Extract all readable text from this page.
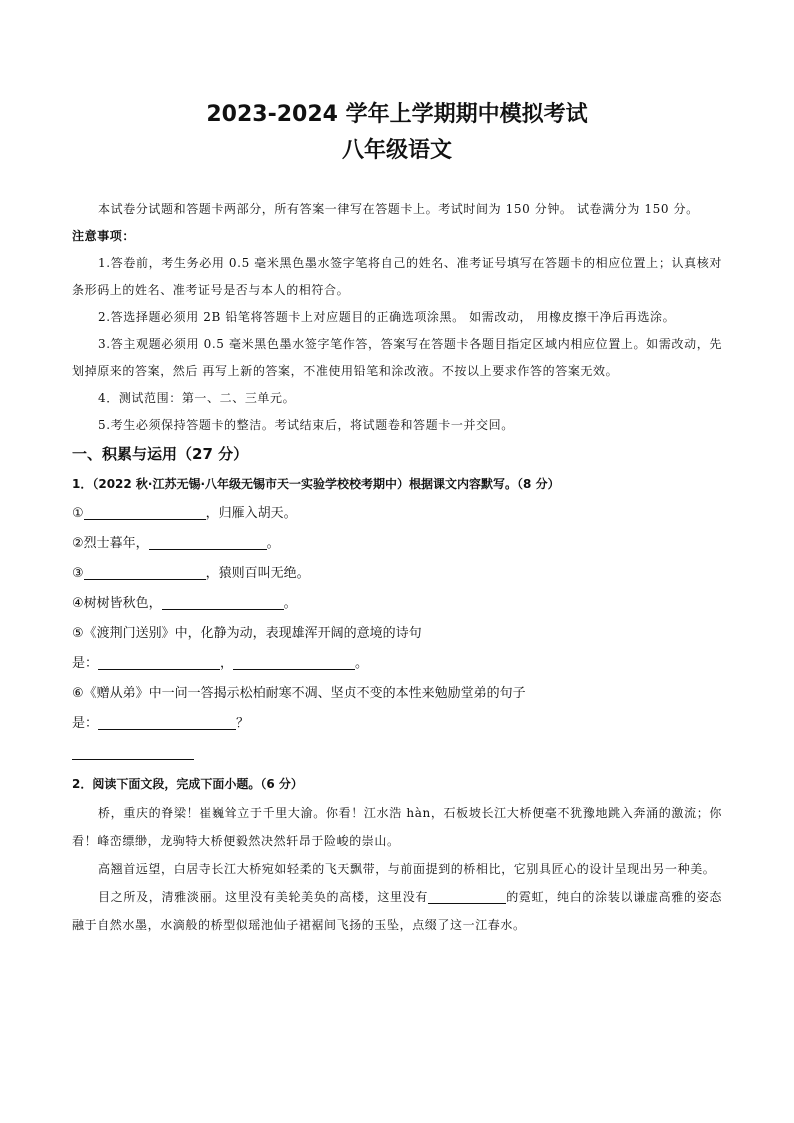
2023-2024 学年上学期期中模拟考试
八年级语文

本试卷分试题和答题卡两部分，所有答案一律写在答题卡上。考试时间为 150 分钟。 试卷满分为 150 分。

注意事项：

1.答卷前，考生务必用 0.5 毫米黑色墨水签字笔将自己的姓名、准考证号填写在答题卡的相应位置上；认真核对条形码上的姓名、准考证号是否与本人的相符合。

2.答选择题必须用 2B 铅笔将答题卡上对应题目的正确选项涂黑。 如需改动， 用橡皮擦干净后再选涂。

3.答主观题必须用 0.5 毫米黑色墨水签字笔作答，答案写在答题卡各题目指定区域内相应位置上。如需改动，先划掉原来的答案，然后 再写上新的答案，不准使用铅笔和涂改液。不按以上要求作答的答案无效。

4．测试范围：第一、二、三单元。

5.考生必须保持答题卡的整洁。考试结束后，将试题卷和答题卡一并交回。

一、积累与运用（27 分）

1．（2022 秋·江苏无锡·八年级无锡市天一实验学校校考期中）根据课文内容默写。（8 分）

①	，归雁入胡天。

②烈士暮年，	。

③	，猿则百叫无绝。

④树树皆秋色，	。

⑤《渡荆门送别》中，化静为动，表现雄浑开阔的意境的诗句

是：	，	。

⑥《赠从弟》中一问一答揭示松柏耐寒不凋、坚贞不变的本性来勉励堂弟的句子

是：	？

2．阅读下面文段，完成下面小题。（6 分）

桥，重庆的脊梁！崔巍耸立于千里大渝。你看！江水浩 hàn，石板坡长江大桥便毫不犹豫地跳入奔涌的激流；你看！峰峦缥缈，龙驹特大桥便毅然决然轩昂于险峻的崇山。

高翘首远望，白居寺长江大桥宛如轻柔的飞天飘带，与前面提到的桥相比，它别具匠心的设计呈现出另一种美。

目之所及，清雅淡丽。这里没有美轮美奂的高楼，这里没有	的霓虹，纯白的涂装以谦虚高雅的姿态融于自然水墨，水滴般的桥型似瑶池仙子裙裾间飞扬的玉坠，点缀了这一江春水。
